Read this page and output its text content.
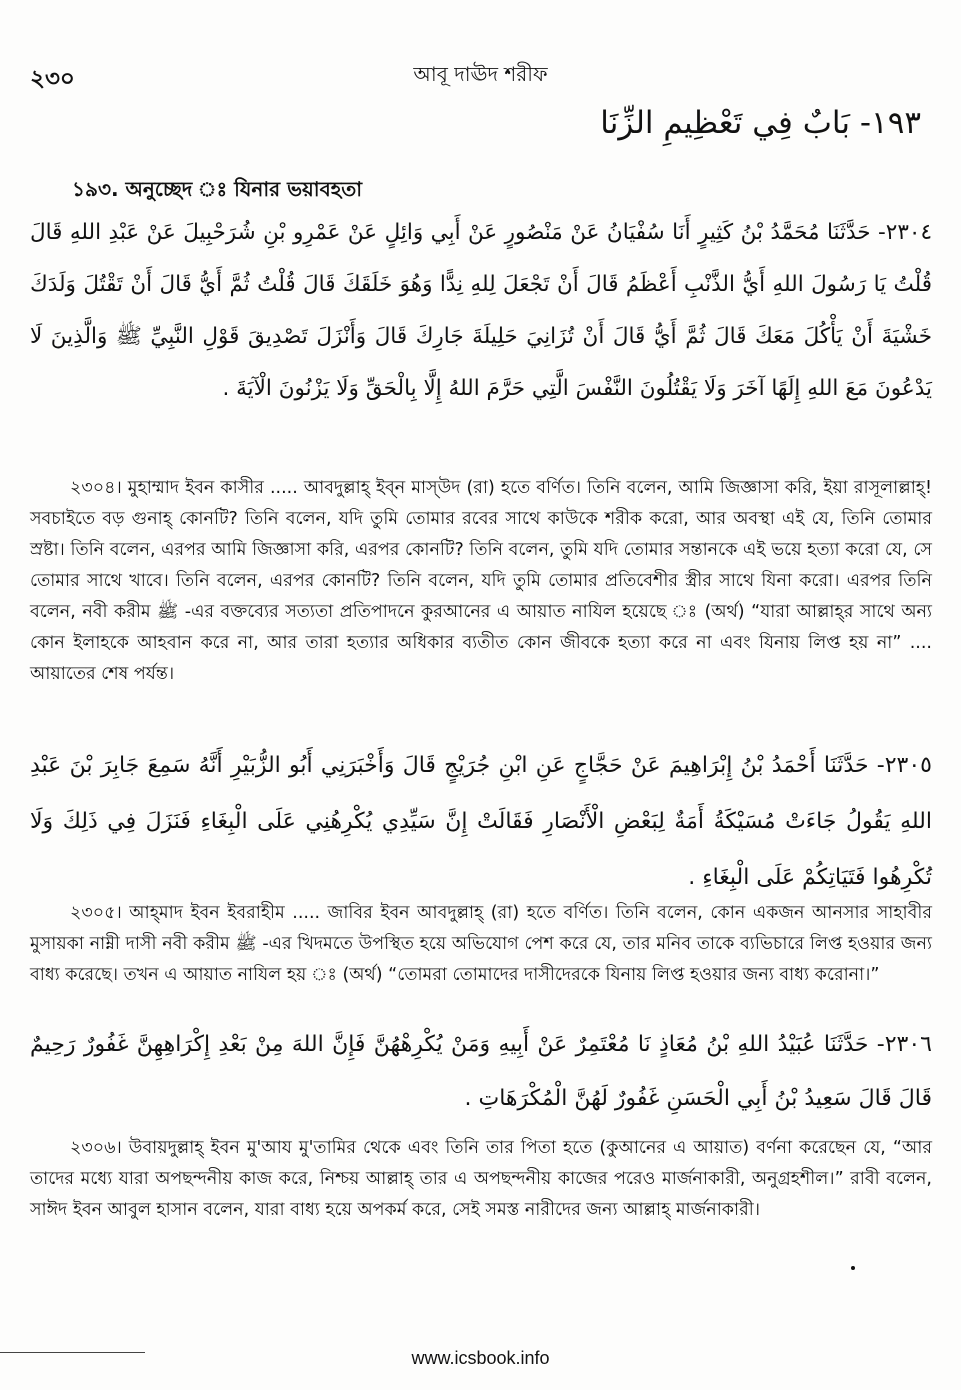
২৩০	আবূ দাঊদ শরীফ
١٩٣- بَابٌ فِي تَعْظِيمِ الزِّنَا
১৯৩. অনুচ্ছেদ ঃ যিনার ভয়াবহতা

٢٣٠٤- حَدَّثَنَا مُحَمَّدُ بْنُ كَثِيرٍ أَنَا سُفْيَانُ عَنْ مَنْصُورٍ عَنْ أَبِي وَائِلٍ عَنْ عَمْرِو بْنِ شُرَحْبِيلَ عَنْ عَبْدِ اللهِ قَالَ قُلْتُ يَا رَسُولَ اللهِ أَيُّ الذَّنْبِ أَعْظَمُ قَالَ أَنْ تَجْعَلَ لِلهِ نِدًّا وَهُوَ خَلَقَكَ قَالَ قُلْتُ ثُمَّ أَيُّ قَالَ أَنْ تَقْتُلَ وَلَدَكَ خَشْيَةَ أَنْ يَأْكُلَ مَعَكَ قَالَ ثُمَّ أَيُّ قَالَ أَنْ تُزَانِيَ حَلِيلَةَ جَارِكَ قَالَ وَأَنْزَلَ تَصْدِيقَ قَوْلِ النَّبِيِّ ﷺ وَالَّذِينَ لَا يَدْعُونَ مَعَ اللهِ إِلَهًا آخَرَ وَلَا يَقْتُلُونَ النَّفْسَ الَّتِي حَرَّمَ اللهُ إِلَّا بِالْحَقِّ وَلَا يَزْنُونَ الْآيَةَ .

২৩০৪। মুহাম্মাদ ইবন কাসীর ..... আবদুল্লাহ্ ইব্ন মাস্উদ (রা) হতে বর্ণিত। তিনি বলেন, আমি জিজ্ঞাসা করি, ইয়া রাসূলাল্লাহ্! সবচাইতে বড় গুনাহ্ কোনটি? তিনি বলেন, যদি তুমি তোমার রবের সাথে কাউকে শরীক করো, আর অবস্থা এই যে, তিনি তোমার স্রষ্টা। তিনি বলেন, এরপর আমি জিজ্ঞাসা করি, এরপর কোনটি? তিনি বলেন, তুমি যদি তোমার সন্তানকে এই ভয়ে হত্যা করো যে, সে তোমার সাথে খাবে। তিনি বলেন, এরপর কোনটি? তিনি বলেন, যদি তুমি তোমার প্রতিবেশীর স্ত্রীর সাথে যিনা করো। এরপর তিনি বলেন, নবী করীম ﷺ -এর বক্তব্যের সত্যতা প্রতিপাদনে কুরআনের এ আয়াত নাযিল হয়েছে ঃ (অর্থ) “যারা আল্লাহ্‌র সাথে অন্য কোন ইলাহকে আহবান করে না, আর তারা হত্যার অধিকার ব্যতীত কোন জীবকে হত্যা করে না এবং যিনায় লিপ্ত হয় না” .... আয়াতের শেষ পর্যন্ত।

٢٣٠٥- حَدَّثَنَا أَحْمَدُ بْنُ إِبْرَاهِيمَ عَنْ حَجَّاجٍ عَنِ ابْنِ جُرَيْجٍ قَالَ وَأَخْبَرَنِي أَبُو الزُّبَيْرِ أَنَّهُ سَمِعَ جَابِرَ بْنَ عَبْدِ اللهِ يَقُولُ جَاءَتْ مُسَيْكَةُ أَمَةٌ لِبَعْضِ الْأَنْصَارِ فَقَالَتْ إِنَّ سَيِّدِي يُكْرِهُنِي عَلَى الْبِغَاءِ فَنَزَلَ فِي ذَلِكَ وَلَا تُكْرِهُوا فَتَيَاتِكُمْ عَلَى الْبِغَاءِ .

২৩০৫। আহ্‌মাদ ইবন ইবরাহীম ..... জাবির ইবন আবদুল্লাহ্ (রা) হতে বর্ণিত। তিনি বলেন, কোন একজন আনসার সাহাবীর মুসায়কা নাম্নী দাসী নবী করীম ﷺ -এর খিদমতে উপস্থিত হয়ে অভিযোগ পেশ করে যে, তার মনিব তাকে ব্যভিচারে লিপ্ত হওয়ার জন্য বাধ্য করেছে। তখন এ আয়াত নাযিল হয় ঃ (অর্থ) “তোমরা তোমাদের দাসীদেরকে যিনায় লিপ্ত হওয়ার জন্য বাধ্য করোনা।”

٢٣٠٦- حَدَّثَنَا عُبَيْدُ اللهِ بْنُ مُعَاذٍ نَا مُعْتَمِرٌ عَنْ أَبِيهِ وَمَنْ يُكْرِهْهُنَّ فَإِنَّ اللهَ مِنْ بَعْدِ إِكْرَاهِهِنَّ غَفُورٌ رَحِيمٌ قَالَ قَالَ سَعِيدُ بْنُ أَبِي الْحَسَنِ غَفُورٌ لَهُنَّ الْمُكْرَهَاتِ .

২৩০৬। উবায়দুল্লাহ্ ইবন মু'আয মু'তামির থেকে এবং তিনি তার পিতা হতে (কুআনের এ আয়াত) বর্ণনা করেছেন যে, “আর তাদের মধ্যে যারা অপছন্দনীয় কাজ করে, নিশ্চয় আল্লাহ্ তার এ অপছন্দনীয় কাজের পরেও মার্জনাকারী, অনুগ্রহশীল।” রাবী বলেন, সাঈদ ইবন আবুল হাসান বলেন, যারা বাধ্য হয়ে অপকর্ম করে, সেই সমস্ত নারীদের জন্য আল্লাহ্ মার্জনাকারী।

www.icsbook.info
